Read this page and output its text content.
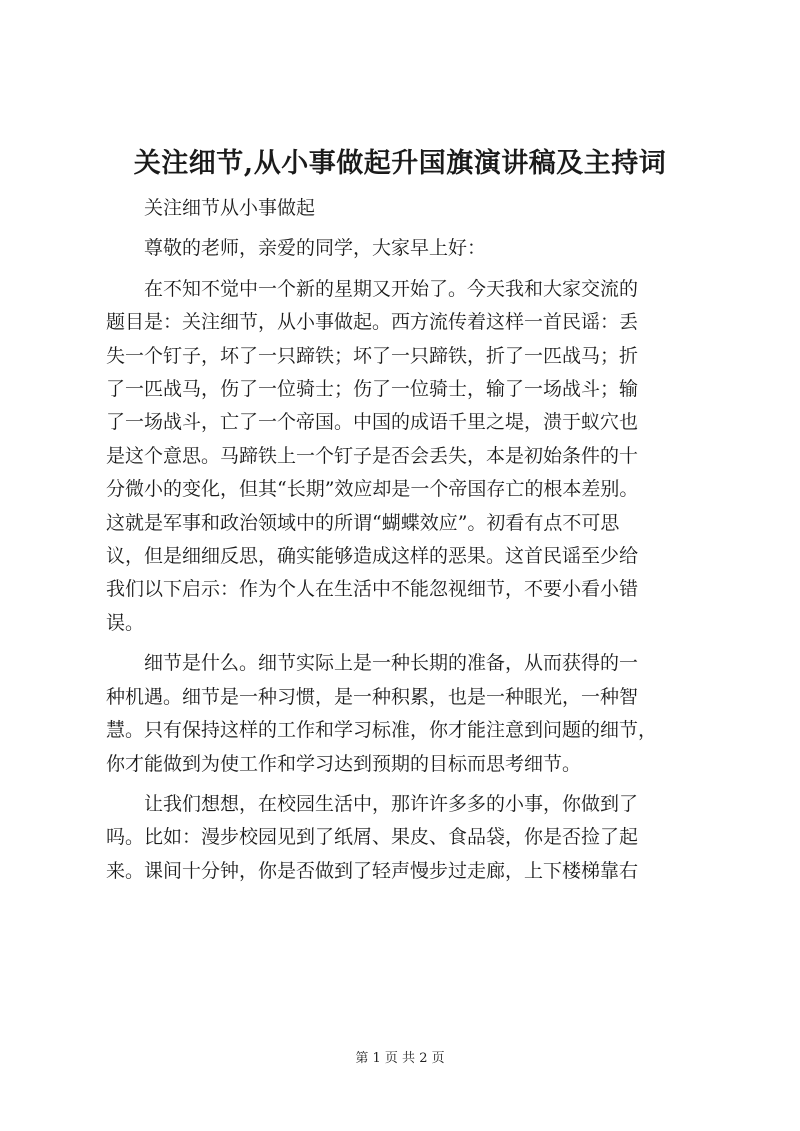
关注细节,从小事做起升国旗演讲稿及主持词
关注细节从小事做起
尊敬的老师，亲爱的同学，大家早上好：
在不知不觉中一个新的星期又开始了。今天我和大家交流的
题目是：关注细节，从小事做起。西方流传着这样一首民谣：丢
失一个钉子，坏了一只蹄铁；坏了一只蹄铁，折了一匹战马；折
了一匹战马，伤了一位骑士；伤了一位骑士，输了一场战斗；输
了一场战斗，亡了一个帝国。中国的成语千里之堤，溃于蚁穴也
是这个意思。马蹄铁上一个钉子是否会丢失，本是初始条件的十
分微小的变化，但其“长期”效应却是一个帝国存亡的根本差别。
这就是军事和政治领域中的所谓“蝴蝶效应”。初看有点不可思
议，但是细细反思，确实能够造成这样的恶果。这首民谣至少给
我们以下启示：作为个人在生活中不能忽视细节，不要小看小错
误。
细节是什么。细节实际上是一种长期的准备，从而获得的一
种机遇。细节是一种习惯，是一种积累，也是一种眼光，一种智
慧。只有保持这样的工作和学习标准，你才能注意到问题的细节，
你才能做到为使工作和学习达到预期的目标而思考细节。
让我们想想，在校园生活中，那许许多多的小事，你做到了
吗。比如：漫步校园见到了纸屑、果皮、食品袋，你是否捡了起
来。课间十分钟，你是否做到了轻声慢步过走廊，上下楼梯靠右
第 1 页 共 2 页
